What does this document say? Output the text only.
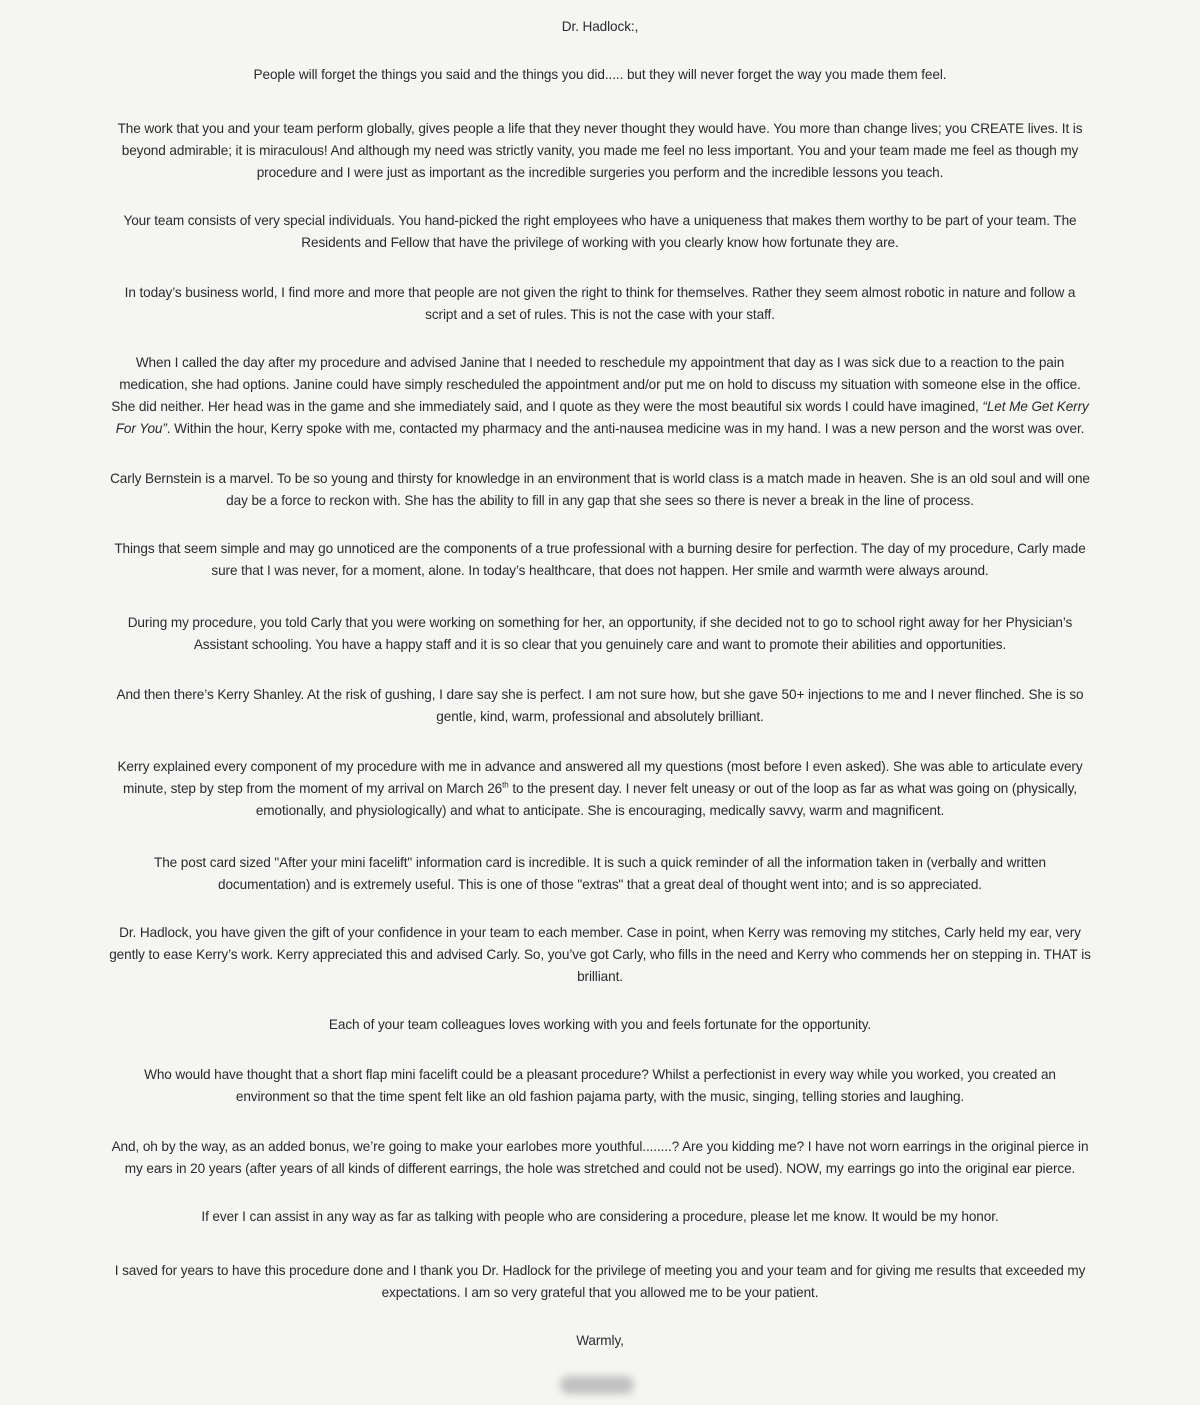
Dr. Hadlock:,

People will forget the things you said and the things you did..... but they will never forget the way you made them feel.

The work that you and your team perform globally, gives people a life that they never thought they would have. You more than change lives; you CREATE lives. It is

beyond admirable; it is miraculous! And although my need was strictly vanity, you made me feel no less important. You and your team made me feel as though my

procedure and I were just as important as the incredible surgeries you perform and the incredible lessons you teach.

Your team consists of very special individuals. You hand-picked the right employees who have a uniqueness that makes them worthy to be part of your team. The

Residents and Fellow that have the privilege of working with you clearly know how fortunate they are.

In today’s business world, I find more and more that people are not given the right to think for themselves. Rather they seem almost robotic in nature and follow a

script and a set of rules. This is not the case with your staff.

When I called the day after my procedure and advised Janine that I needed to reschedule my appointment that day as I was sick due to a reaction to the pain

medication, she had options. Janine could have simply rescheduled the appointment and/or put me on hold to discuss my situation with someone else in the office.

She did neither. Her head was in the game and she immediately said, and I quote as they were the most beautiful six words I could have imagined, “Let Me Get Kerry

For You”. Within the hour, Kerry spoke with me, contacted my pharmacy and the anti-nausea medicine was in my hand. I was a new person and the worst was over.

Carly Bernstein is a marvel. To be so young and thirsty for knowledge in an environment that is world class is a match made in heaven. She is an old soul and will one

day be a force to reckon with. She has the ability to fill in any gap that she sees so there is never a break in the line of process.

Things that seem simple and may go unnoticed are the components of a true professional with a burning desire for perfection. The day of my procedure, Carly made

sure that I was never, for a moment, alone. In today’s healthcare, that does not happen. Her smile and warmth were always around.

During my procedure, you told Carly that you were working on something for her, an opportunity, if she decided not to go to school right away for her Physician’s

Assistant schooling. You have a happy staff and it is so clear that you genuinely care and want to promote their abilities and opportunities.

And then there’s Kerry Shanley. At the risk of gushing, I dare say she is perfect. I am not sure how, but she gave 50+ injections to me and I never flinched. She is so

gentle, kind, warm, professional and absolutely brilliant.

Kerry explained every component of my procedure with me in advance and answered all my questions (most before I even asked). She was able to articulate every

minute, step by step from the moment of my arrival on March 26th to the present day. I never felt uneasy or out of the loop as far as what was going on (physically,

emotionally, and physiologically) and what to anticipate. She is encouraging, medically savvy, warm and magnificent.

The post card sized "After your mini facelift" information card is incredible. It is such a quick reminder of all the information taken in (verbally and written

documentation) and is extremely useful. This is one of those "extras" that a great deal of thought went into; and is so appreciated.

Dr. Hadlock, you have given the gift of your confidence in your team to each member. Case in point, when Kerry was removing my stitches, Carly held my ear, very

gently to ease Kerry’s work. Kerry appreciated this and advised Carly. So, you’ve got Carly, who fills in the need and Kerry who commends her on stepping in. THAT is

brilliant.

Each of your team colleagues loves working with you and feels fortunate for the opportunity.

Who would have thought that a short flap mini facelift could be a pleasant procedure? Whilst a perfectionist in every way while you worked, you created an

environment so that the time spent felt like an old fashion pajama party, with the music, singing, telling stories and laughing.

And, oh by the way, as an added bonus, we’re going to make your earlobes more youthful........? Are you kidding me? I have not worn earrings in the original pierce in

my ears in 20 years (after years of all kinds of different earrings, the hole was stretched and could not be used). NOW, my earrings go into the original ear pierce.

If ever I can assist in any way as far as talking with people who are considering a procedure, please let me know. It would be my honor.

I saved for years to have this procedure done and I thank you Dr. Hadlock for the privilege of meeting you and your team and for giving me results that exceeded my

expectations. I am so very grateful that you allowed me to be your patient.

Warmly,
